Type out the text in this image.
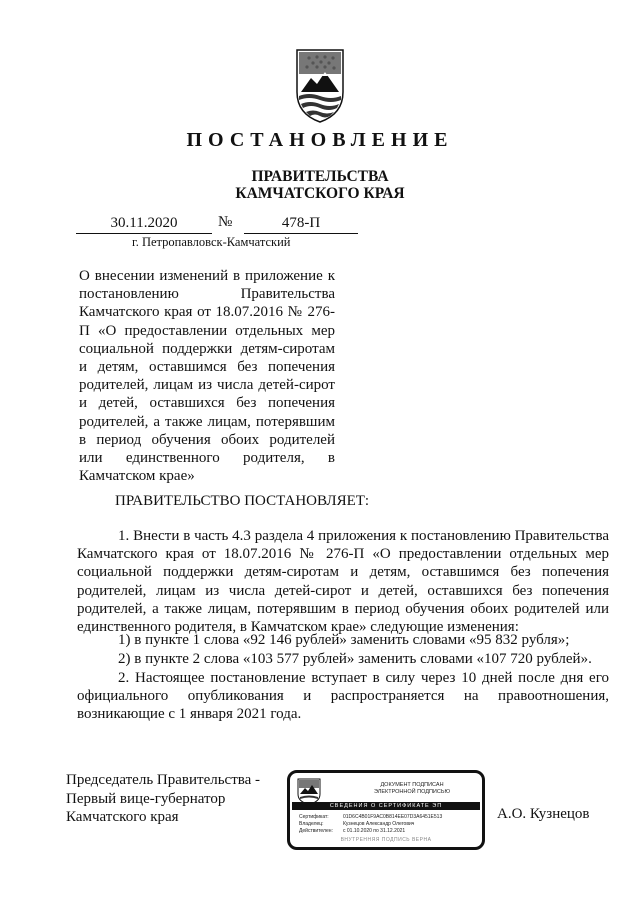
ПОСТАНОВЛЕНИЕ
ПРАВИТЕЛЬСТВА
КАМЧАТСКОГО КРАЯ
30.11.2020	№	478-П
г. Петропавловск-Камчатский
О внесении изменений в приложение к постановлению Правительства Камчатского края от 18.07.2016 № 276-П «О предоставлении отдельных мер социальной поддержки детям-сиротам и детям, оставшимся без попечения родителей, лицам из числа детей-сирот и детей, оставшихся без попечения родителей, а также лицам, потерявшим в период обучения обоих родителей или единственного родителя, в Камчатском крае»
ПРАВИТЕЛЬСТВО ПОСТАНОВЛЯЕТ:
1. Внести в часть 4.3 раздела 4 приложения к постановлению Правительства Камчатского края от 18.07.2016 № 276-П «О предоставлении отдельных мер социальной поддержки детям-сиротам и детям, оставшимся без попечения родителей, лицам из числа детей-сирот и детей, оставшихся без попечения родителей, а также лицам, потерявшим в период обучения обоих родителей или единственного родителя, в Камчатском крае» следующие изменения:
1) в пункте 1 слова «92 146 рублей» заменить словами «95 832 рубля»;
2) в пункте 2 слова «103 577 рублей» заменить словами «107 720 рублей».
2. Настоящее постановление вступает в силу через 10 дней после дня его официального опубликования и распространяется на правоотношения, возникающие с 1 января 2021 года.
Председатель Правительства -
Первый вице-губернатор
Камчатского края	А.О. Кузнецов
ДОКУМЕНТ ПОДПИСАН
ЭЛЕКТРОННОЙ ПОДПИСЬЮ
СВЕДЕНИЯ О СЕРТИФИКАТЕ ЭП
Сертификат:	01D6C4B01F9AC0B814EE07D3A6451E513
Владелец:	Кузнецов Александр Олегович
Действителен: с 01.10.2020 по 31.12.2021
ВНУТРЕННЯЯ ПОДПИСЬ ВЕРНА
